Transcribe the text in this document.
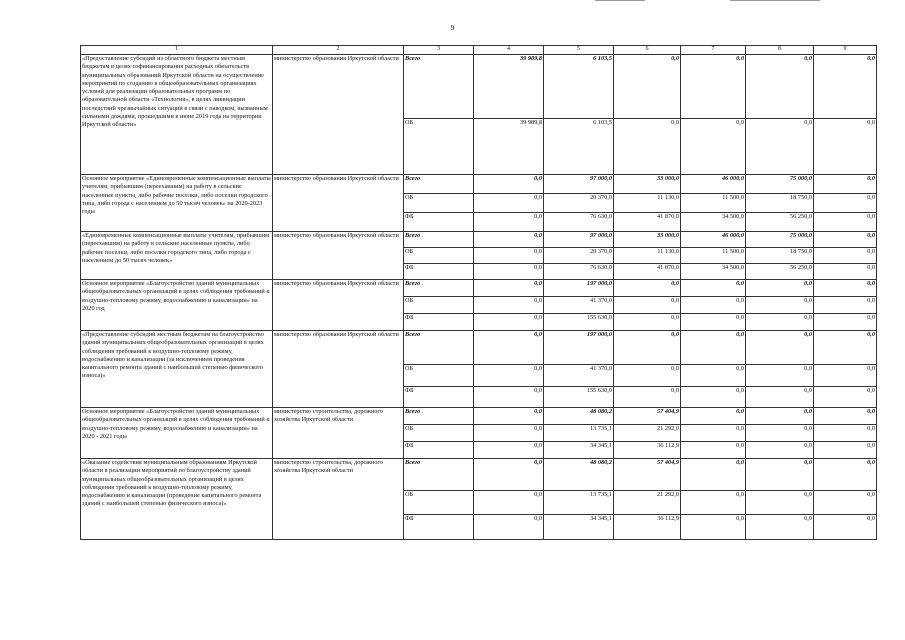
9
1	2	3	4	5	6	7	8	9
«Предоставление субсидий из областного бюджета местным бюджетам в целях софинансирования расходных обязательств муниципальных образований Иркутской области на осуществление мероприятий по созданию в общеобразовательных организациях условий для реализации образовательных программ по образовательной области «Технология», в целях ликвидации последствий чрезвычайных ситуаций в связи с паводком, вызванным сильными дождями, прошедшими в июне 2019 года на территории Иркутской области»	министерство образования Иркутской области	Всего	39 989,8	6 103,5	0,0	0,0	0,0	0,0
		ОБ	39 989,8	6 103,5	0,0	0,0	0,0	0,0
Основное мероприятие «Единовременные компенсационные выплаты учителям, прибывшим (переехавшим) на работу в сельские населенные пункты, либо рабочие поселки, либо поселки городского типа, либо города с населением до 50 тысяч человек» на 2020-2023 годы	министерство образования Иркутской области	Всего	0,0	97 000,0	33 000,0	46 000,0	75 000,0	0,0
		ОБ	0,0	20 370,0	11 130,0	11 500,0	18 750,0	0,0
		ФБ	0,0	76 630,0	41 870,0	34 500,0	56 250,0	0,0
«Единовременные компенсационные выплаты учителям, прибывшим (переехавшим) на работу в сельские населенные пункты, либо рабочие поселки, либо поселки городского типа, либо города с населением до 50 тысяч человек»	министерство образования Иркутской области	Всего	0,0	97 000,0	33 000,0	46 000,0	75 000,0	0,0
		ОБ	0,0	20 370,0	11 130,0	11 500,0	18 750,0	0,0
		ФБ	0,0	76 630,0	41 870,0	34 500,0	56 250,0	0,0
Основное мероприятие «Благоустройство зданий муниципальных общеобразовательных организаций в целях соблюдения требований к воздушно-тепловому режиму, водоснабжению и канализации» на 2020 год	министерство образования Иркутской области	Всего	0,0	197 000,0	0,0	0,0	0,0	0,0
		ОБ	0,0	41 370,0	0,0	0,0	0,0	0,0
		ФБ	0,0	155 630,0	0,0	0,0	0,0	0,0
«Предоставление субсидий местным бюджетам на благоустройство зданий муниципальных общеобразовательных организаций в целях соблюдения требований к воздушно-тепловому режиму, водоснабжению и канализации (за исключением проведения капитального ремонта зданий с наибольшей степенью физического износа)»	министерство образования Иркутской области	Всего	0,0	197 000,0	0,0	0,0	0,0	0,0
		ОБ	0,0	41 370,0	0,0	0,0	0,0	0,0
		ФБ	0,0	155 630,0	0,0	0,0	0,0	0,0
Основное мероприятие «Благоустройство зданий муниципальных общеобразовательных организаций в целях соблюдения требований к воздушно-тепловому режиму, водоснабжению и канализации» на 2020 - 2021 годы	министерство строительства, дорожного хозяйства Иркутской области	Всего	0,0	48 080,2	57 404,9	0,0	0,0	0,0
		ОБ	0,0	13 735,1	21 292,0	0,0	0,0	0,0
		ФБ	0,0	34 345,1	36 112,9	0,0	0,0	0,0
«Оказание содействия муниципальным образованиям Иркутской области в реализации мероприятий по благоустройству зданий муниципальных общеобразовательных организаций в целях соблюдения требований к воздушно-тепловому режиму, водоснабжению и канализации (проведение капитального ремонта зданий с наибольшей степенью физического износа)»	министерство строительства, дорожного хозяйства Иркутской области	Всего	0,0	48 080,2	57 404,9	0,0	0,0	0,0
		ОБ	0,0	13 735,1	21 292,0	0,0	0,0	0,0
		ФБ	0,0	34 345,1	36 112,9	0,0	0,0	0,0
